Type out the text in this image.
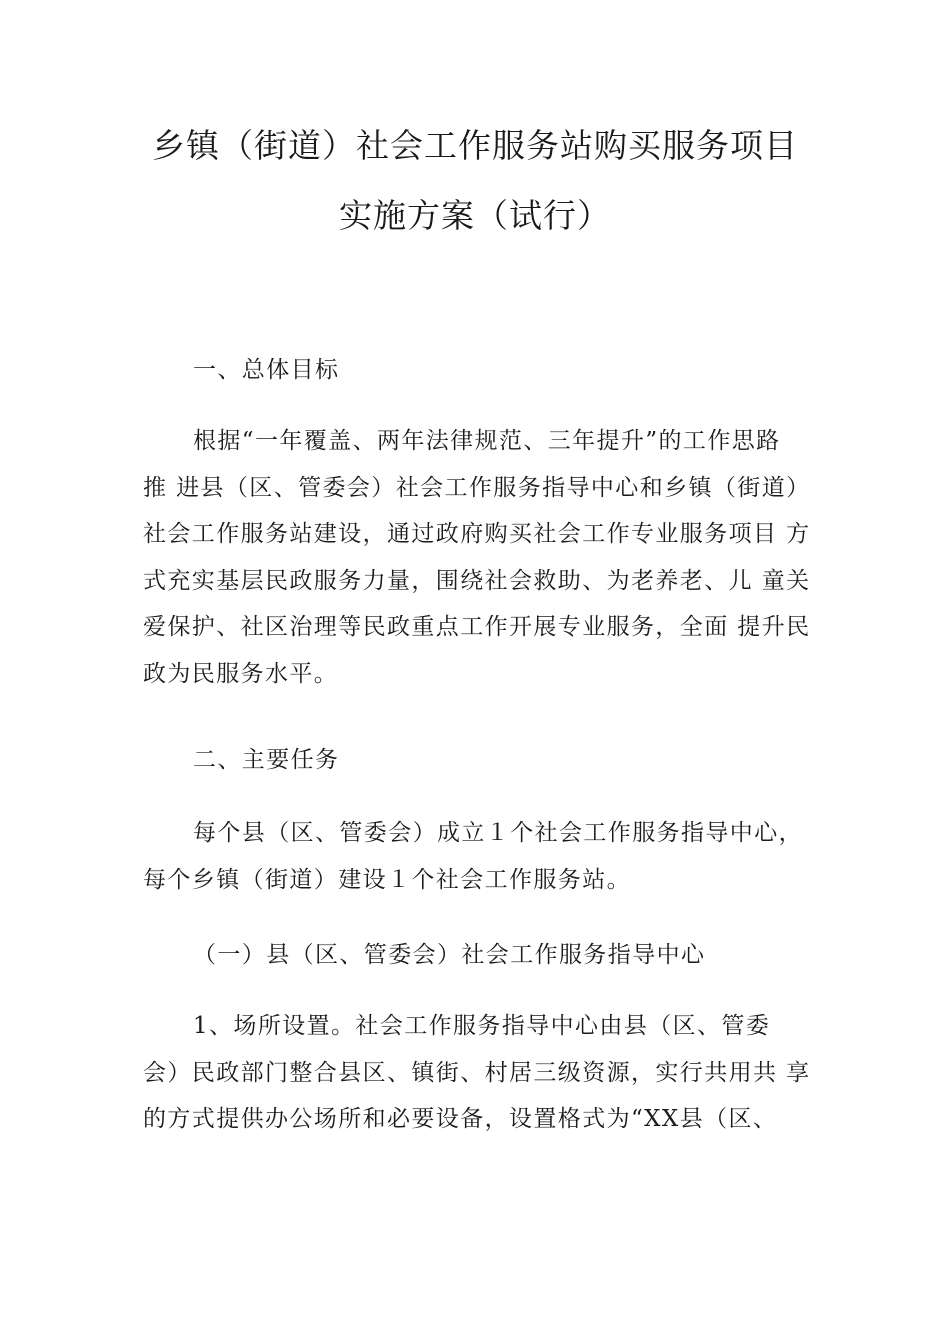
乡镇（街道）社会工作服务站购买服务项目
实施方案（试行）
一、总体目标
根据“一年覆盖、两年法律规范、三年提升”的工作思路
推 进县（区、管委会）社会工作服务指导中心和乡镇（街道）
社会工作服务站建设，通过政府购买社会工作专业服务项目 方
式充实基层民政服务力量，围绕社会救助、为老养老、儿 童关
爱保护、社区治理等民政重点工作开展专业服务，全面 提升民
政为民服务水平。
二、主要任务
每个县（区、管委会）成立１个社会工作服务指导中心，
每个乡镇（街道）建设１个社会工作服务站。
（一）县（区、管委会）社会工作服务指导中心
1、场所设置。社会工作服务指导中心由县（区、管委
会）民政部门整合县区、镇街、村居三级资源，实行共用共 享
的方式提供办公场所和必要设备，设置格式为“XX县（区、
